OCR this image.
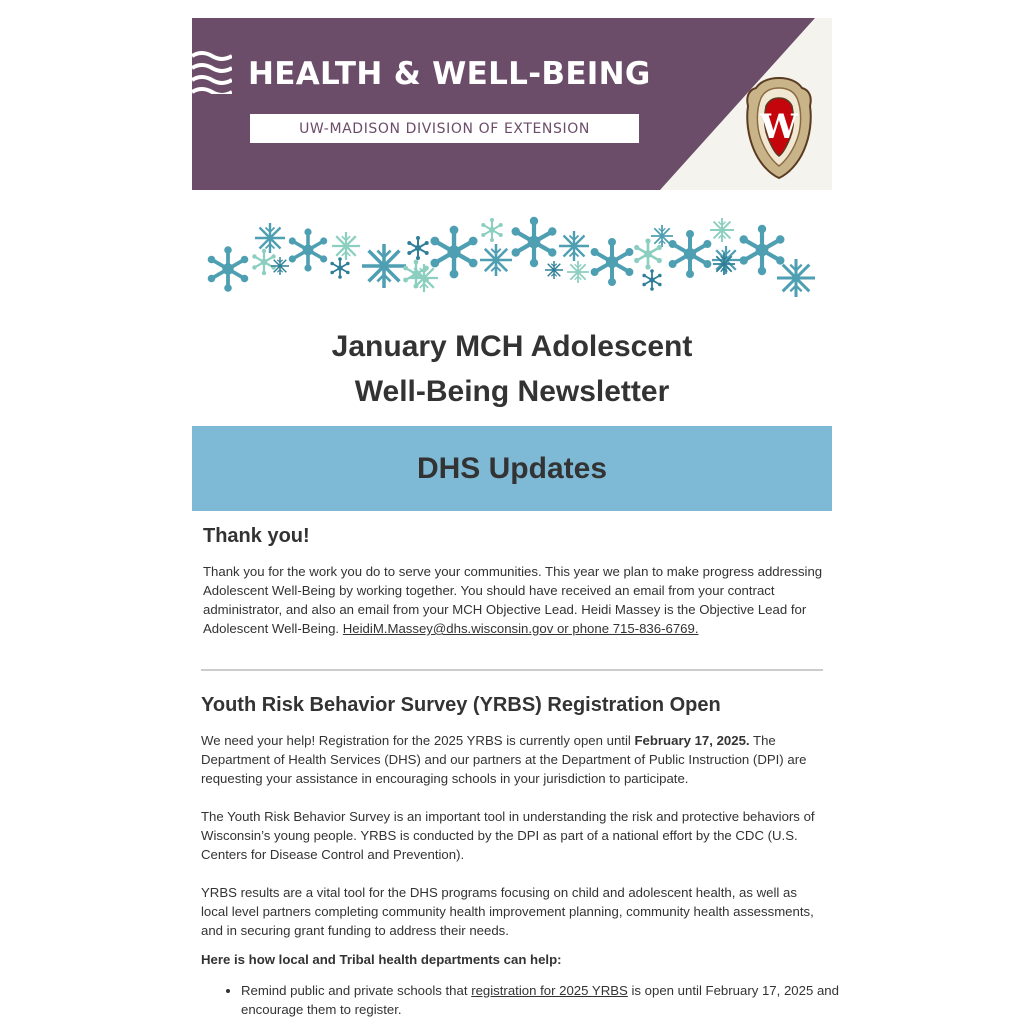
HEALTH & WELL-BEING
UW-MADISON DIVISION OF EXTENSION	W
January MCH Adolescent
Well-Being Newsletter
DHS Updates
Thank you!

Thank you for the work you do to serve your communities. This year we plan to make progress addressing Adolescent Well-Being by working together. You should have received an email from your contract administrator, and also an email from your MCH Objective Lead. Heidi Massey is the Objective Lead for Adolescent Well-Being. HeidiM.Massey@dhs.wisconsin.gov or phone 715-836-6769.

Youth Risk Behavior Survey (YRBS) Registration Open

We need your help! Registration for the 2025 YRBS is currently open until February 17, 2025. The Department of Health Services (DHS) and our partners at the Department of Public Instruction (DPI) are requesting your assistance in encouraging schools in your jurisdiction to participate.

The Youth Risk Behavior Survey is an important tool in understanding the risk and protective behaviors of Wisconsin’s young people. YRBS is conducted by the DPI as part of a national effort by the CDC (U.S. Centers for Disease Control and Prevention).

YRBS results are a vital tool for the DHS programs focusing on child and adolescent health, as well as local level partners completing community health improvement planning, community health assessments, and in securing grant funding to address their needs.

Here is how local and Tribal health departments can help:

• Remind public and private schools that registration for 2025 YRBS is open until February 17, 2025 and encourage them to register.
